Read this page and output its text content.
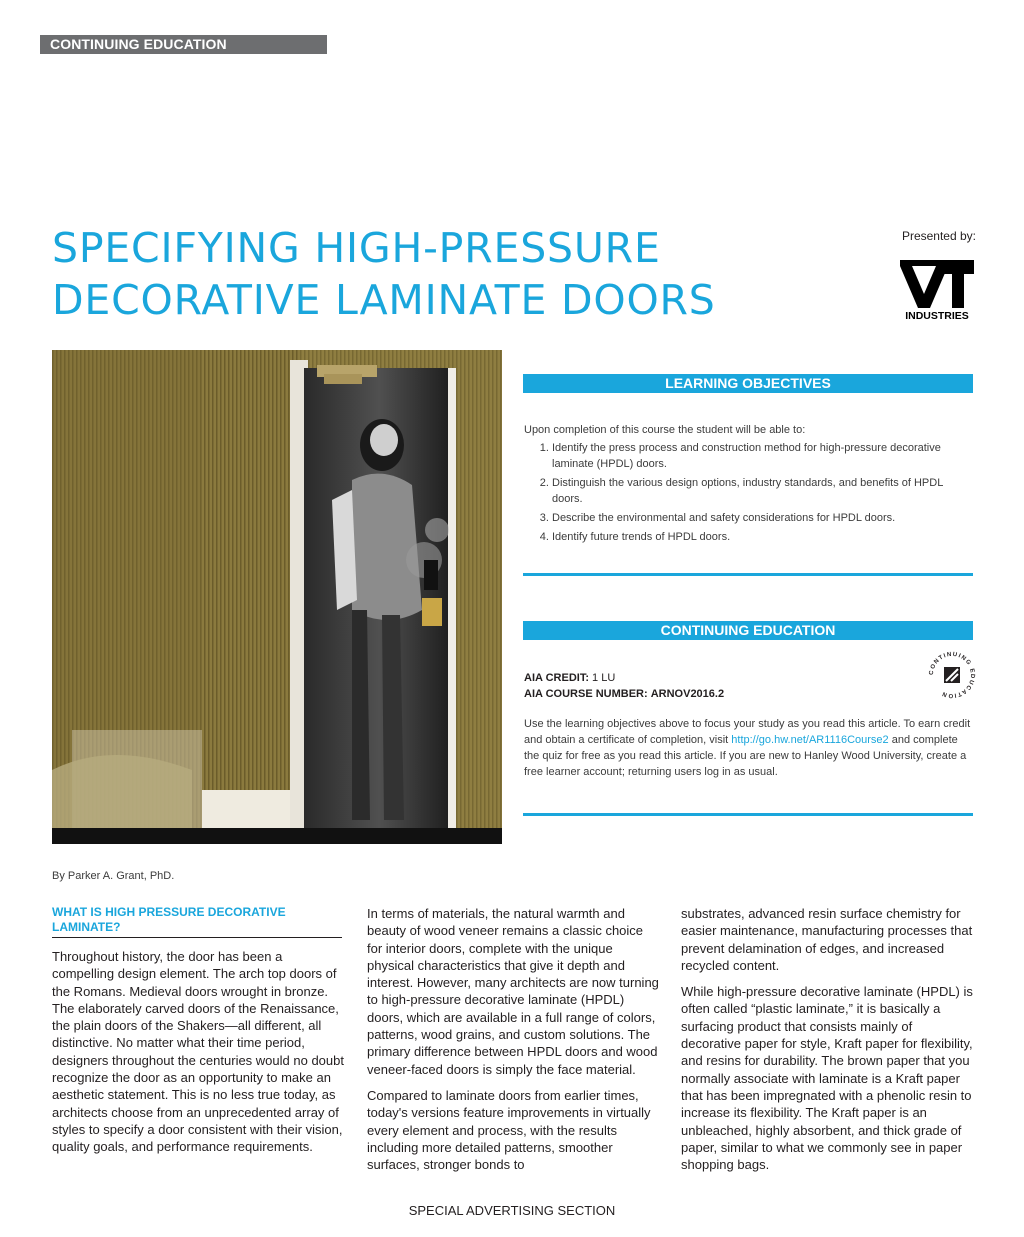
CONTINUING EDUCATION
SPECIFYING HIGH-PRESSURE
DECORATIVE LAMINATE DOORS
Presented by:
INDUSTRIES
LEARNING OBJECTIVES

Upon completion of this course the student will be able to:

1. Identify the press process and construction method for high-pressure decorative laminate (HPDL) doors.
2. Distinguish the various design options, industry standards, and benefits of HPDL doors.
3. Describe the environmental and safety considerations for HPDL doors.
4. Identify future trends of HPDL doors.
CONTINUING EDUCATION
AIA CREDIT: 1 LU
AIA COURSE NUMBER: ARNOV2016.2
CONTINUING EDUCATION
Use the learning objectives above to focus your study as you read this article. To earn credit and obtain a certificate of completion, visit http://go.hw.net/AR1116Course2 and complete the quiz for free as you read this article. If you are new to Hanley Wood University, create a free learner account; returning users log in as usual.
By Parker A. Grant, PhD.
WHAT IS HIGH PRESSURE DECORATIVE LAMINATE?

Throughout history, the door has been a compelling design element. The arch top doors of the Romans. Medieval doors wrought in bronze. The elaborately carved doors of the Renaissance, the plain doors of the Shakers—all different, all distinctive. No matter what their time period, designers throughout the centuries would no doubt recognize the door as an opportunity to make an aesthetic statement. This is no less true today, as architects choose from an unprecedented array of styles to specify a door consistent with their vision, quality goals, and performance requirements.

In terms of materials, the natural warmth and beauty of wood veneer remains a classic choice for interior doors, complete with the unique physical characteristics that give it depth and interest. However, many architects are now turning to high-pressure decorative laminate (HPDL) doors, which are available in a full range of colors, patterns, wood grains, and custom solutions. The primary difference between HPDL doors and wood veneer-faced doors is simply the face material.

Compared to laminate doors from earlier times, today's versions feature improvements in virtually every element and process, with the results including more detailed patterns, smoother surfaces, stronger bonds to

substrates, advanced resin surface chemistry for easier maintenance, manufacturing processes that prevent delamination of edges, and increased recycled content.

While high-pressure decorative laminate (HPDL) is often called “plastic laminate,” it is basically a surfacing product that consists mainly of decorative paper for style, Kraft paper for flexibility, and resins for durability. The brown paper that you normally associate with laminate is a Kraft paper that has been impregnated with a phenolic resin to increase its flexibility. The Kraft paper is an unbleached, highly absorbent, and thick grade of paper, similar to what we commonly see in paper shopping bags.

SPECIAL ADVERTISING SECTION
